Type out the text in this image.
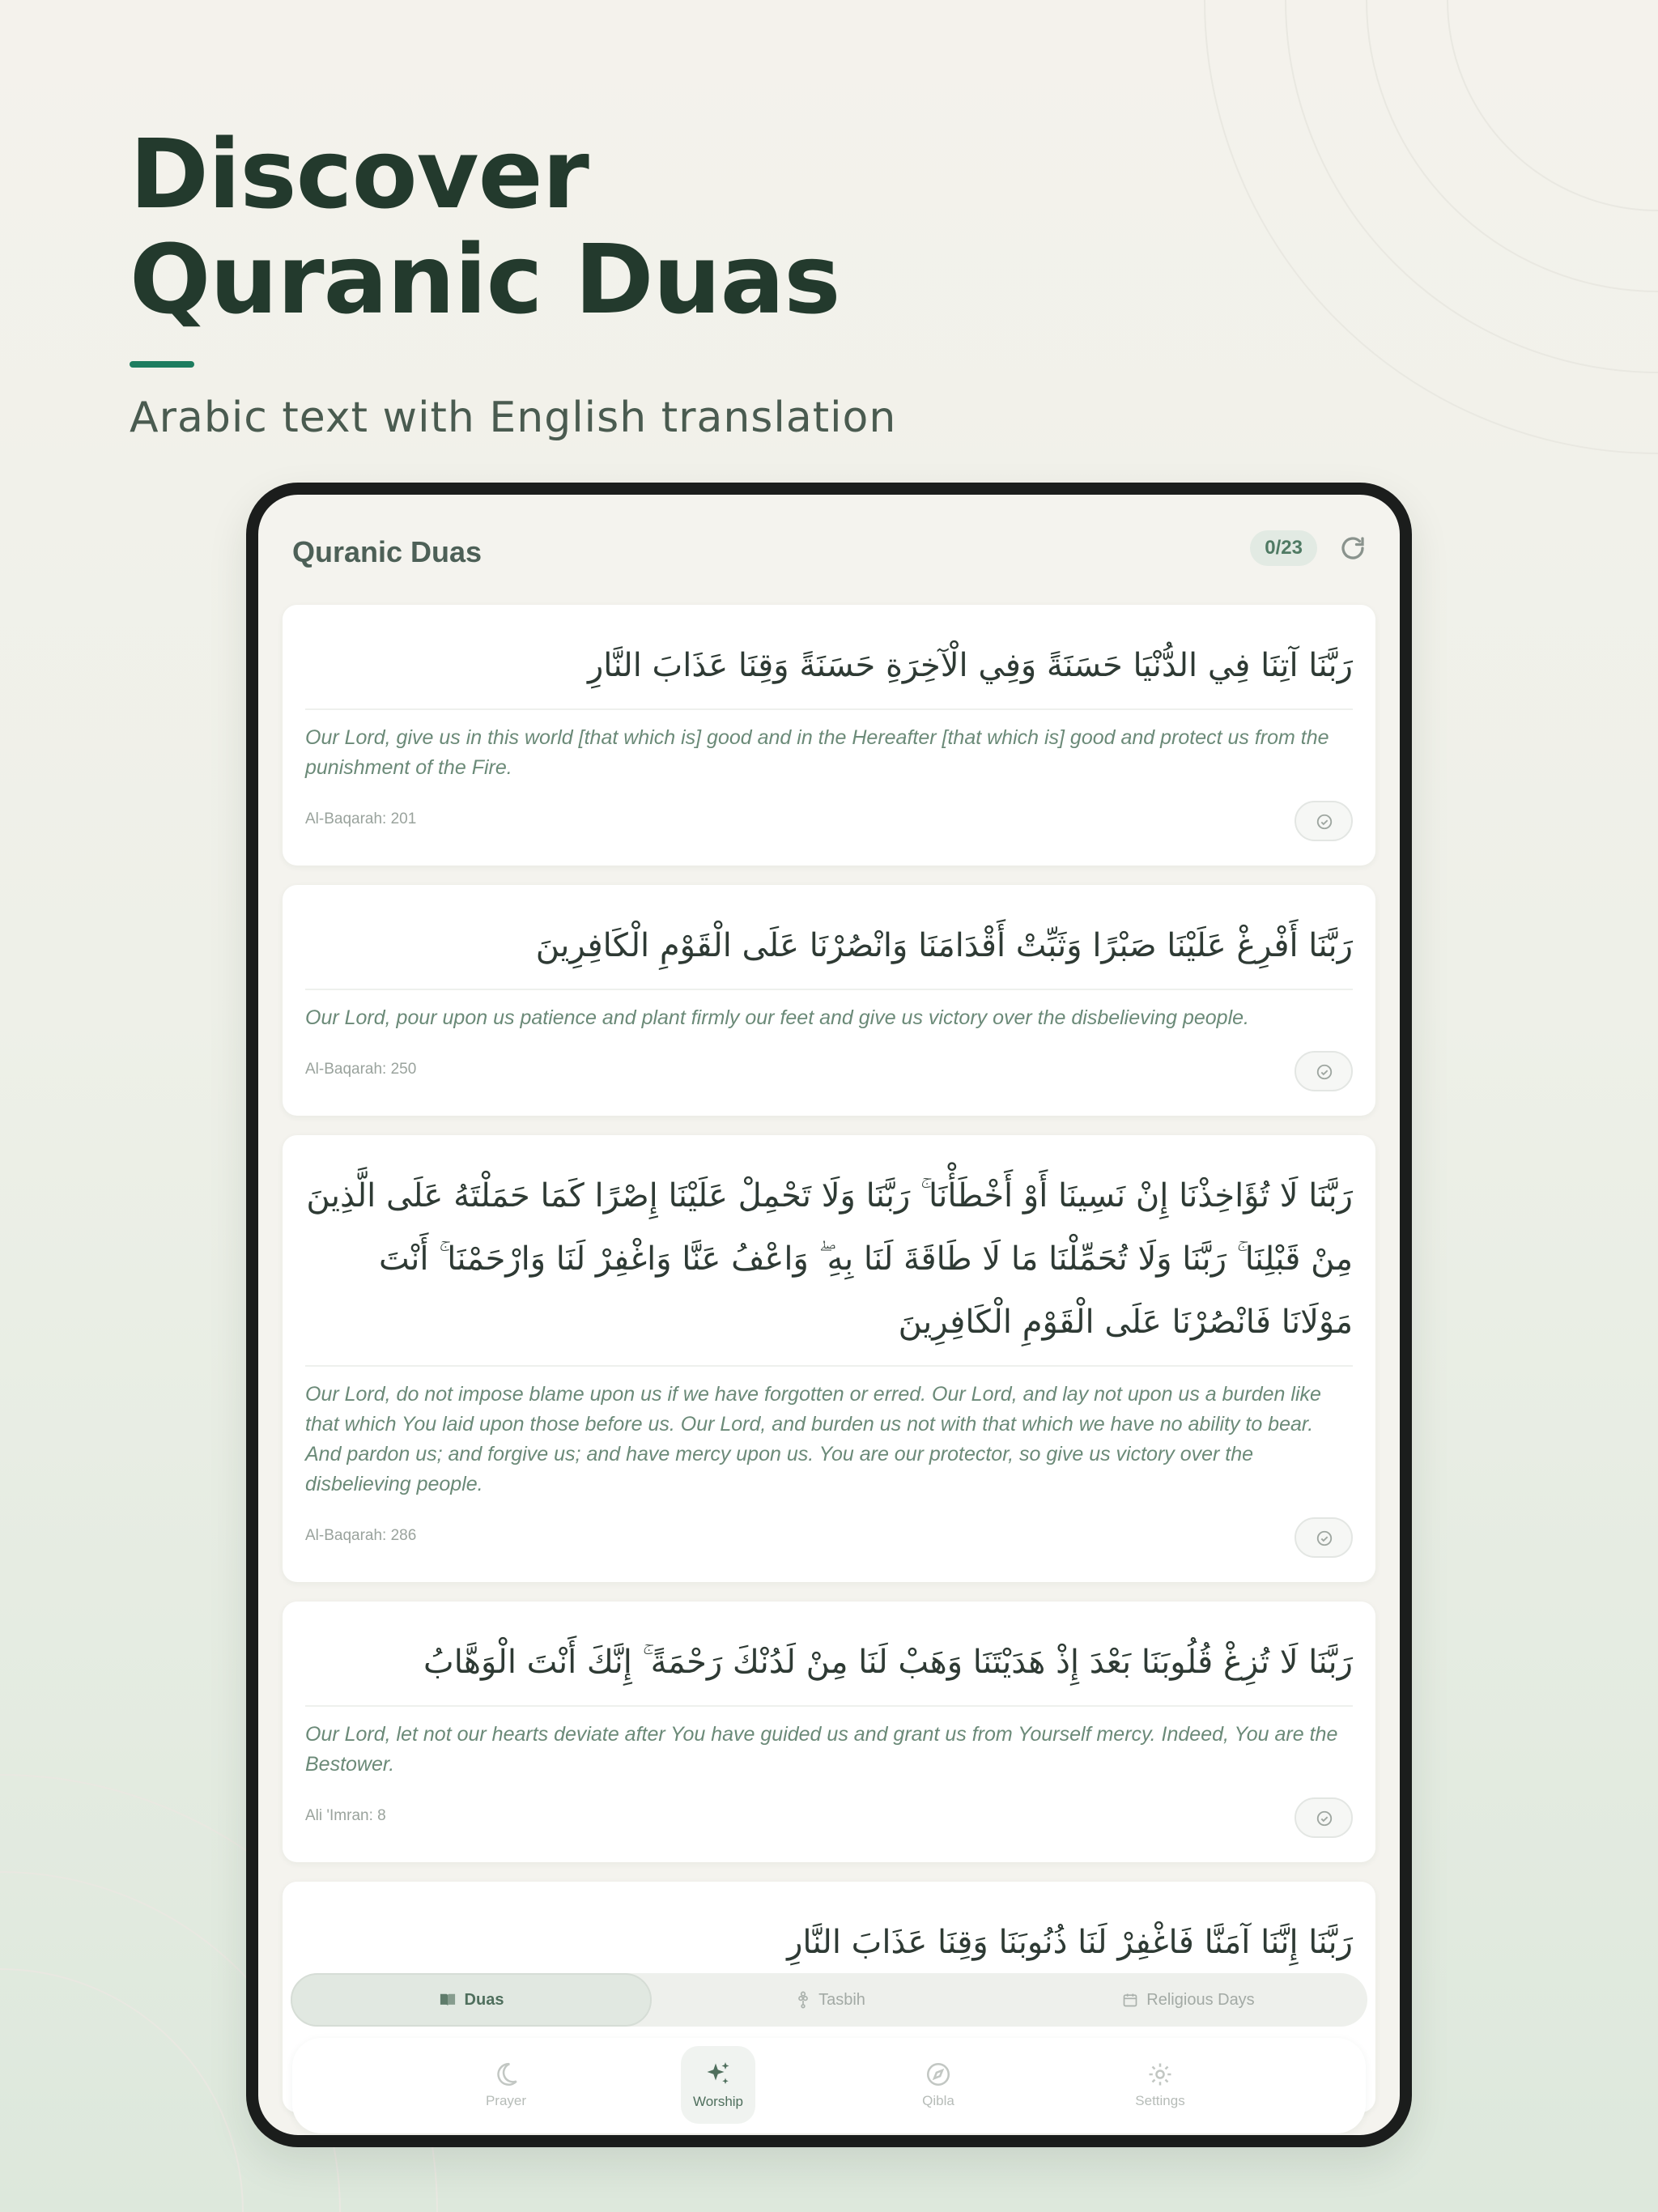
Discover
Quranic Duas

Arabic text with English translation

Quranic Duas	0/23

رَبَّنَا آتِنَا فِي الدُّنْيَا حَسَنَةً وَفِي الْآخِرَةِ حَسَنَةً وَقِنَا عَذَابَ النَّارِ

Our Lord, give us in this world [that which is] good and in the Hereafter [that which is] good and protect us from the punishment of the Fire.

Al-Baqarah: 201

رَبَّنَا أَفْرِغْ عَلَيْنَا صَبْرًا وَثَبِّتْ أَقْدَامَنَا وَانْصُرْنَا عَلَى الْقَوْمِ الْكَافِرِينَ

Our Lord, pour upon us patience and plant firmly our feet and give us victory over the disbelieving people.

Al-Baqarah: 250

رَبَّنَا لَا تُؤَاخِذْنَا إِنْ نَسِينَا أَوْ أَخْطَأْنَا ۚ رَبَّنَا وَلَا تَحْمِلْ عَلَيْنَا إِصْرًا كَمَا حَمَلْتَهُ عَلَى الَّذِينَ مِنْ قَبْلِنَا ۚ رَبَّنَا وَلَا تُحَمِّلْنَا مَا لَا طَاقَةَ لَنَا بِهِ ۖ وَاعْفُ عَنَّا وَاغْفِرْ لَنَا وَارْحَمْنَا ۚ أَنْتَ مَوْلَانَا فَانْصُرْنَا عَلَى الْقَوْمِ الْكَافِرِينَ

Our Lord, do not impose blame upon us if we have forgotten or erred. Our Lord, and lay not upon us a burden like that which You laid upon those before us. Our Lord, and burden us not with that which we have no ability to bear. And pardon us; and forgive us; and have mercy upon us. You are our protector, so give us victory over the disbelieving people.

Al-Baqarah: 286

رَبَّنَا لَا تُزِغْ قُلُوبَنَا بَعْدَ إِذْ هَدَيْتَنَا وَهَبْ لَنَا مِنْ لَدُنْكَ رَحْمَةً ۚ إِنَّكَ أَنْتَ الْوَهَّابُ

Our Lord, let not our hearts deviate after You have guided us and grant us from Yourself mercy. Indeed, You are the Bestower.

Ali 'Imran: 8

رَبَّنَا إِنَّنَا آمَنَّا فَاغْفِرْ لَنَا ذُنُوبَنَا وَقِنَا عَذَابَ النَّارِ

Duas	Tasbih	Religious Days
Prayer	Worship	Qibla	Settings
